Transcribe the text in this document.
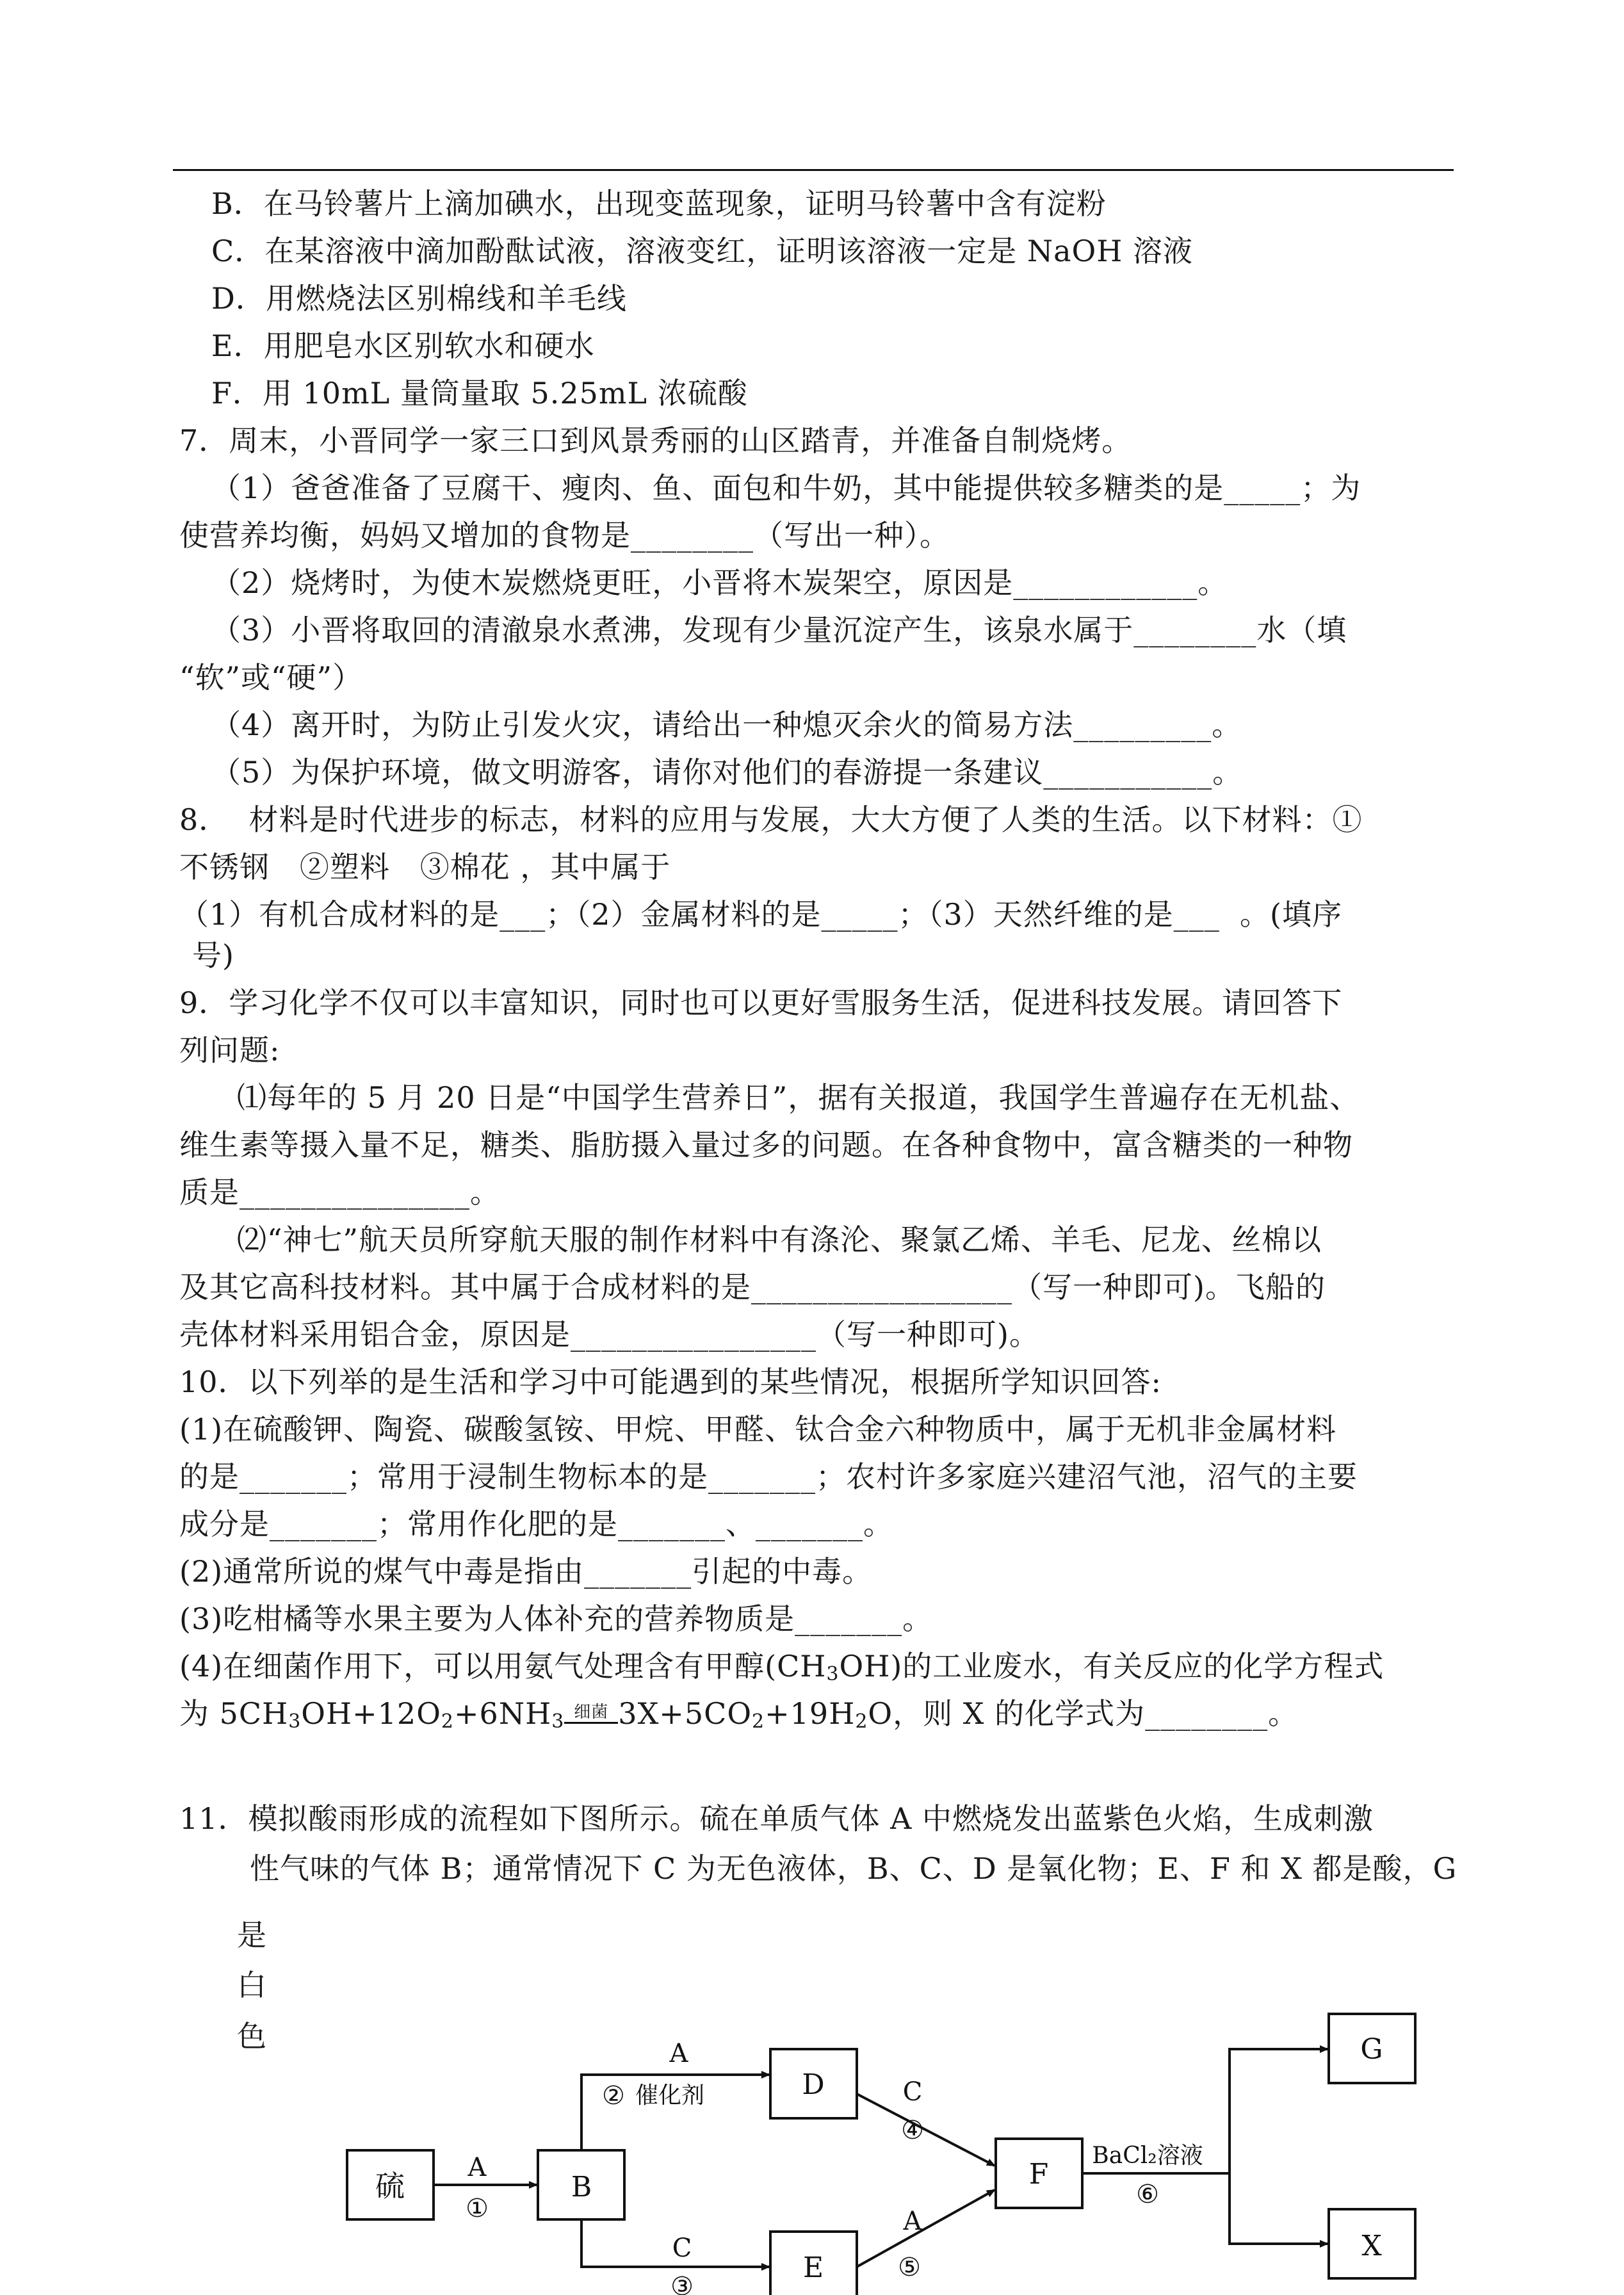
B．在马铃薯片上滴加碘水，出现变蓝现象，证明马铃薯中含有淀粉
C．在某溶液中滴加酚酞试液，溶液变红，证明该溶液一定是 NaOH 溶液
D．用燃烧法区别棉线和羊毛线
E．用肥皂水区别软水和硬水
F．用 10mL 量筒量取 5.25mL 浓硫酸
7．周末，小晋同学一家三口到风景秀丽的山区踏青，并准备自制烧烤。
（1）爸爸准备了豆腐干、瘦肉、鱼、面包和牛奶，其中能提供较多糖类的是_____；为
使营养均衡，妈妈又增加的食物是________（写出一种）。
（2）烧烤时，为使木炭燃烧更旺，小晋将木炭架空，原因是____________。
（3）小晋将取回的清澈泉水煮沸，发现有少量沉淀产生，该泉水属于________水（填
“软”或“硬”）
（4）离开时，为防止引发火灾，请给出一种熄灭余火的简易方法_________。
（5）为保护环境，做文明游客，请你对他们的春游提一条建议___________。
8．  材料是时代进步的标志，材料的应用与发展，大大方便了人类的生活。以下材料：①
不锈钢   ②塑料   ③棉花 ，其中属于
（1）有机合成材料的是___；（2）金属材料的是_____；（3）天然纤维的是___  。(填序
号)
9．学习化学不仅可以丰富知识，同时也可以更好雪服务生活，促进科技发展。请回答下
列问题:
⑴每年的 5 月 20 日是“中国学生营养日”，据有关报道，我国学生普遍存在无机盐、
维生素等摄入量不足，糖类、脂肪摄入量过多的问题。在各种食物中，富含糖类的一种物
质是_______________。
⑵“神七”航天员所穿航天服的制作材料中有涤沦、聚氯乙烯、羊毛、尼龙、丝棉以
及其它高科技材料。其中属于合成材料的是_________________（写一种即可)。飞船的
壳体材料采用铝合金，原因是________________（写一种即可)。
10．以下列举的是生活和学习中可能遇到的某些情况，根据所学知识回答:
(1)在硫酸钾、陶瓷、碳酸氢铵、甲烷、甲醛、钛合金六种物质中，属于无机非金属材料
的是_______；常用于浸制生物标本的是_______；农村许多家庭兴建沼气池，沼气的主要
成分是_______；常用作化肥的是_______、_______。
(2)通常所说的煤气中毒是指由_______引起的中毒。
(3)吃柑橘等水果主要为人体补充的营养物质是_______。
(4)在细菌作用下，可以用氨气处理含有甲醇$(CH_3OH)$的工业废水，有关反应的化学方程式
为 $5CH_3OH+12O_2+6NH_3$ 细菌 $3X+5CO_2+19H_2O$，则 X 的化学式为________。
11．模拟酸雨形成的流程如下图所示。硫在单质气体 A 中燃烧发出蓝紫色火焰，生成刺激
性气味的气体 B；通常情况下 C 为无色液体，B、C、D 是氧化物；E、F 和 X 都是酸，G
是
白
色
硫	B
D
E
F
G
X
A
①
A
② 催化剂
C
③
C
④
A
⑤
BaCl₂溶液
⑥
